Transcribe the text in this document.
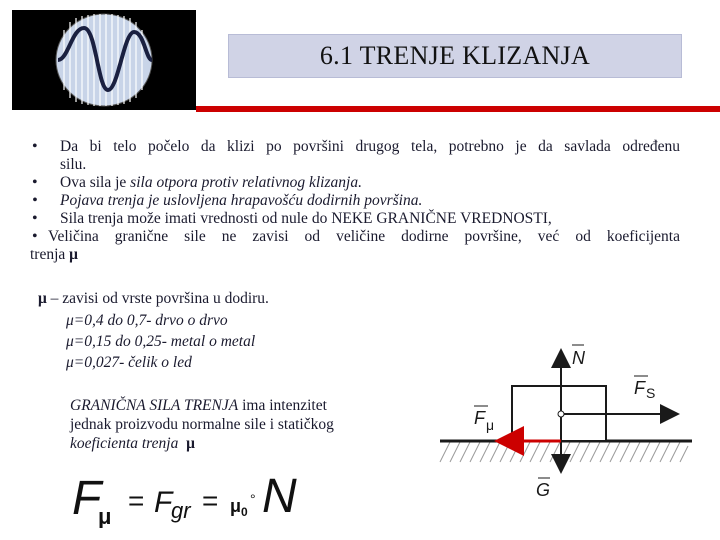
6.1 TRENJE KLIZANJA
• Da bi telo počelo da klizi po površini drugog tela, potrebno je da savlada određenu
silu.
• Ova sila je sila otpora protiv relativnog klizanja.
• Pojava trenja je uslovljena hrapavošću dodirnih površina.
• Sila trenja može imati vrednosti od nule do NEKE GRANIČNE VREDNOSTI,
• Veličina granične sile ne zavisi od veličine dodirne površine, već od koeficijenta
trenja μ
μ – zavisi od vrste površina u dodiru.
μ=0,4 do 0,7- drvo o drvo
μ=0,15 do 0,25- metal o metal
μ=0,027- čelik o led
GRANIČNA SILA TRENJA ima intenzitet
jednak proizvodu normalne sile i statičkog
koeficienta trenja μ
F
μ
= F
gr = μ 0
° N
N
F S
F μ
G
